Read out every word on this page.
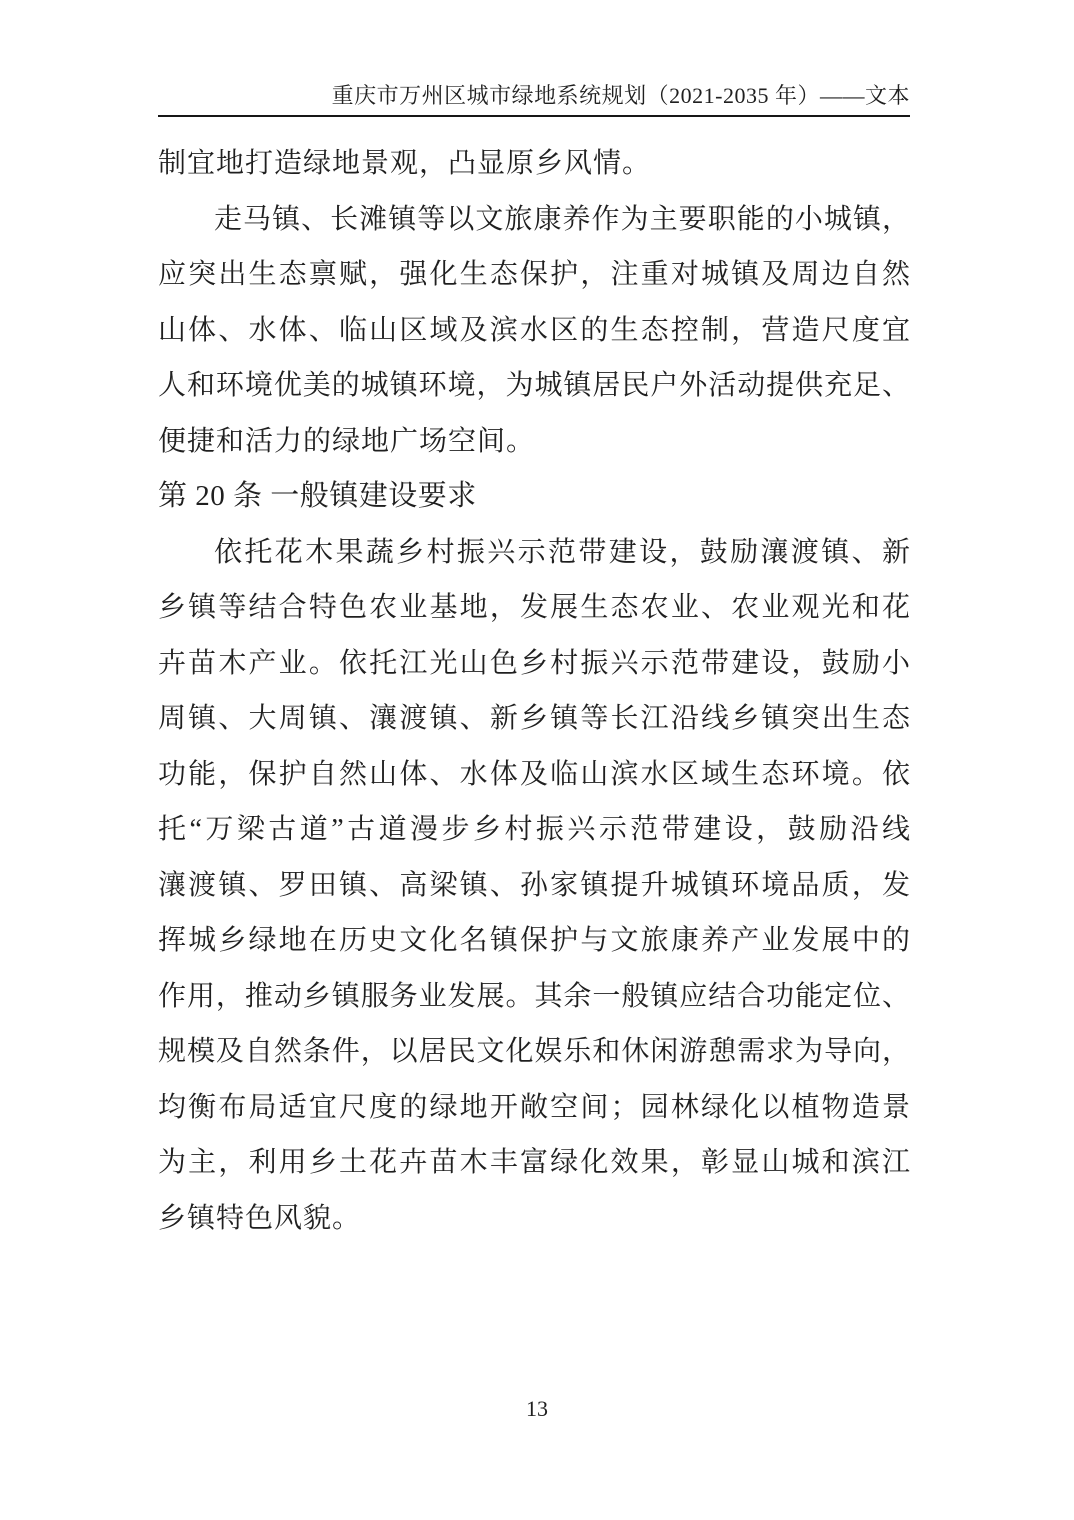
重庆市万州区城市绿地系统规划（2021-2035 年）——文本
制宜地打造绿地景观，凸显原乡风情。
走马镇、长滩镇等以文旅康养作为主要职能的小城镇，
应突出生态禀赋，强化生态保护，注重对城镇及周边自然
山体、水体、临山区域及滨水区的生态控制，营造尺度宜
人和环境优美的城镇环境，为城镇居民户外活动提供充足、
便捷和活力的绿地广场空间。
第 20 条 一般镇建设要求
依托花木果蔬乡村振兴示范带建设，鼓励瀼渡镇、新
乡镇等结合特色农业基地，发展生态农业、农业观光和花
卉苗木产业。依托江光山色乡村振兴示范带建设，鼓励小
周镇、大周镇、瀼渡镇、新乡镇等长江沿线乡镇突出生态
功能，保护自然山体、水体及临山滨水区域生态环境。依
托“万梁古道”古道漫步乡村振兴示范带建设，鼓励沿线
瀼渡镇、罗田镇、高梁镇、孙家镇提升城镇环境品质，发
挥城乡绿地在历史文化名镇保护与文旅康养产业发展中的
作用，推动乡镇服务业发展。其余一般镇应结合功能定位、
规模及自然条件，以居民文化娱乐和休闲游憩需求为导向，
均衡布局适宜尺度的绿地开敞空间；园林绿化以植物造景
为主，利用乡土花卉苗木丰富绿化效果，彰显山城和滨江
乡镇特色风貌。
13
